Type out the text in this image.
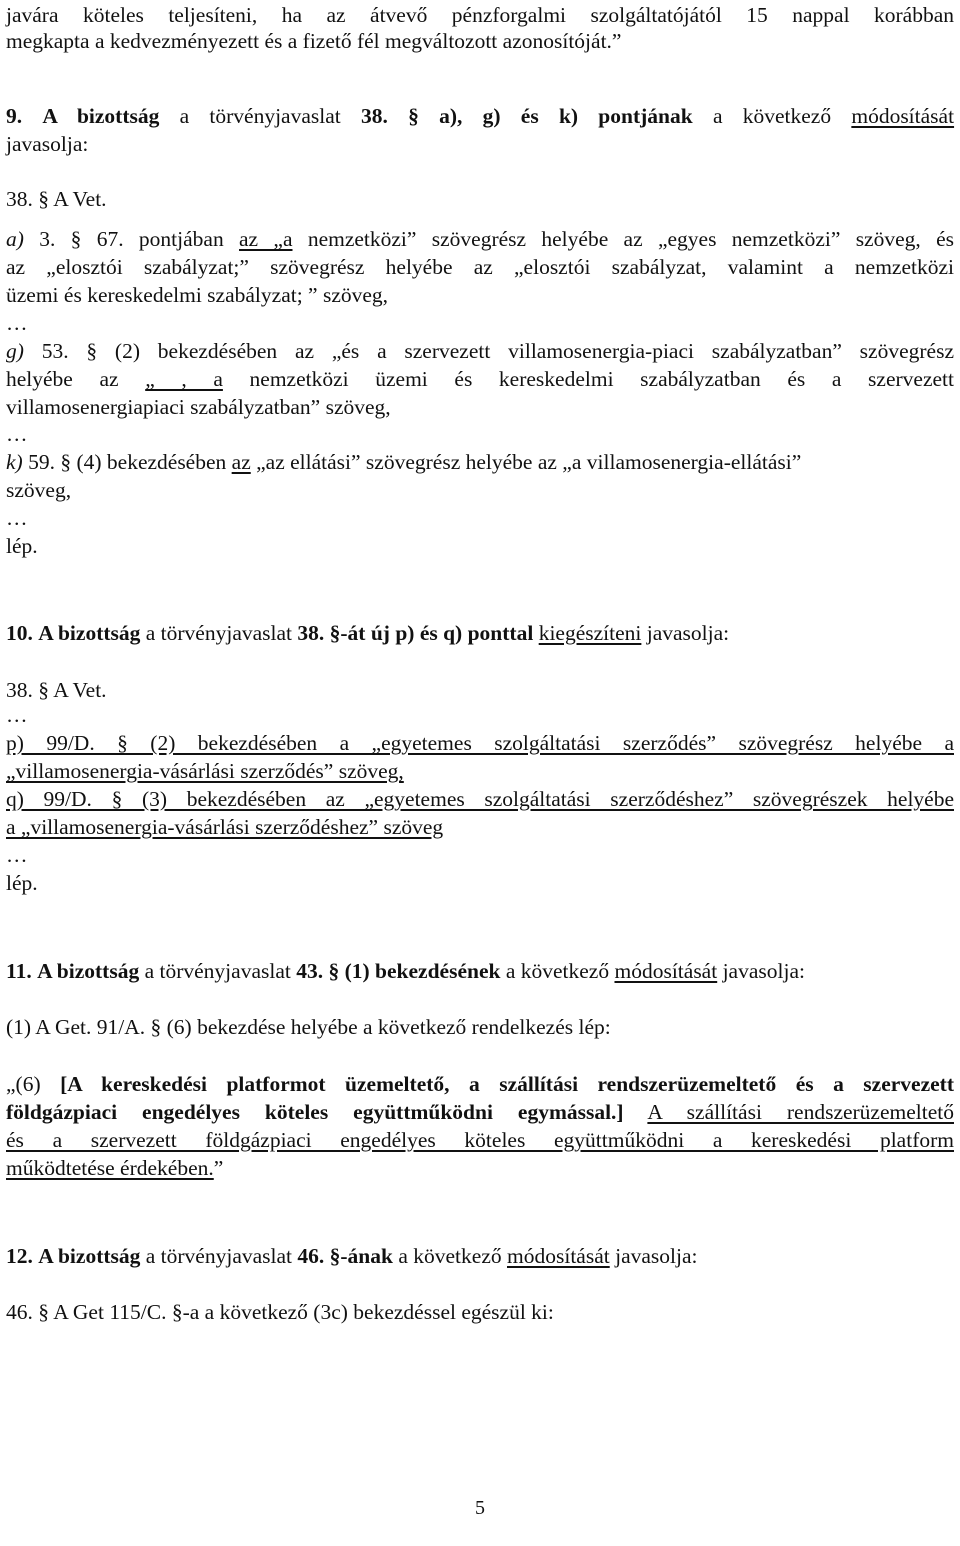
javára köteles teljesíteni, ha az átvevő pénzforgalmi szolgáltatójától 15 nappal korábban
megkapta a kedvezményezett és a fizető fél megváltozott azonosítóját.”
9. A bizottság a törvényjavaslat 38. § a), g) és k) pontjának a következő módosítását
javasolja:
38. § A Vet.
a) 3. § 67. pontjában az „a nemzetközi” szövegrész helyébe az „egyes nemzetközi” szöveg, és
az „elosztói szabályzat;” szövegrész helyébe az „elosztói szabályzat, valamint a nemzetközi
üzemi és kereskedelmi szabályzat; ” szöveg,
…
g) 53. § (2) bekezdésében az „és a szervezett villamosenergia-piaci szabályzatban” szövegrész
helyébe az „ , a nemzetközi üzemi és kereskedelmi szabályzatban és a szervezett
villamosenergiapiaci szabályzatban” szöveg,
…
k) 59. § (4) bekezdésében az „az ellátási” szövegrész helyébe az „a villamosenergia-ellátási”
szöveg,
…
lép.
10. A bizottság a törvényjavaslat 38. §-át új p) és q) ponttal kiegészíteni javasolja:
38. § A Vet.
…
p) 99/D. § (2) bekezdésében a „egyetemes szolgáltatási szerződés” szövegrész helyébe a
„villamosenergia-vásárlási szerződés” szöveg,
q) 99/D. § (3) bekezdésében az „egyetemes szolgáltatási szerződéshez” szövegrészek helyébe
a „villamosenergia-vásárlási szerződéshez” szöveg
…
lép.
11. A bizottság a törvényjavaslat 43. § (1) bekezdésének a következő módosítását javasolja:
(1) A Get. 91/A. § (6) bekezdése helyébe a következő rendelkezés lép:
„(6) [A kereskedési platformot üzemeltető, a szállítási rendszerüzemeltető és a szervezett
földgázpiaci engedélyes köteles együttműködni egymással.] A szállítási rendszerüzemeltető
és a szervezett földgázpiaci engedélyes köteles együttműködni a kereskedési platform
működtetése érdekében.”
12. A bizottság a törvényjavaslat 46. §-ának a következő módosítását javasolja:
46. § A Get 115/C. §-a a következő (3c) bekezdéssel egészül ki:
5
